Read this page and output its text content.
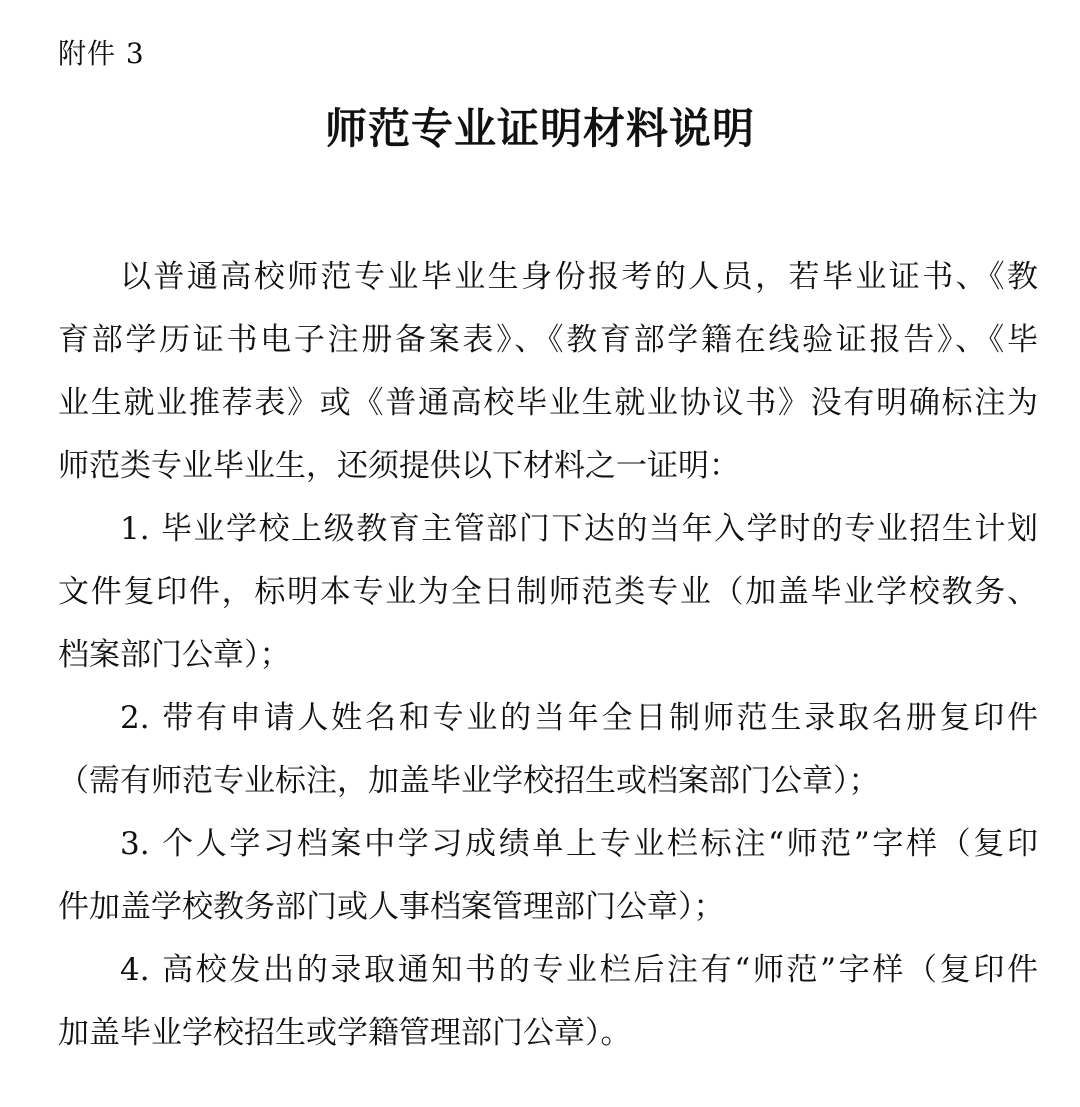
附件 3
师范专业证明材料说明
以普通高校师范专业毕业生身份报考的人员，若毕业证书、《教
育部学历证书电子注册备案表》、《教育部学籍在线验证报告》、《毕
业生就业推荐表》或《普通高校毕业生就业协议书》没有明确标注为
师范类专业毕业生，还须提供以下材料之一证明：
1. 毕业学校上级教育主管部门下达的当年入学时的专业招生计划
文件复印件，标明本专业为全日制师范类专业（加盖毕业学校教务、
档案部门公章）；
2. 带有申请人姓名和专业的当年全日制师范生录取名册复印件
（需有师范专业标注，加盖毕业学校招生或档案部门公章）；
3. 个人学习档案中学习成绩单上专业栏标注“师范”字样（复印
件加盖学校教务部门或人事档案管理部门公章）；
4. 高校发出的录取通知书的专业栏后注有“师范”字样（复印件
加盖毕业学校招生或学籍管理部门公章）。
